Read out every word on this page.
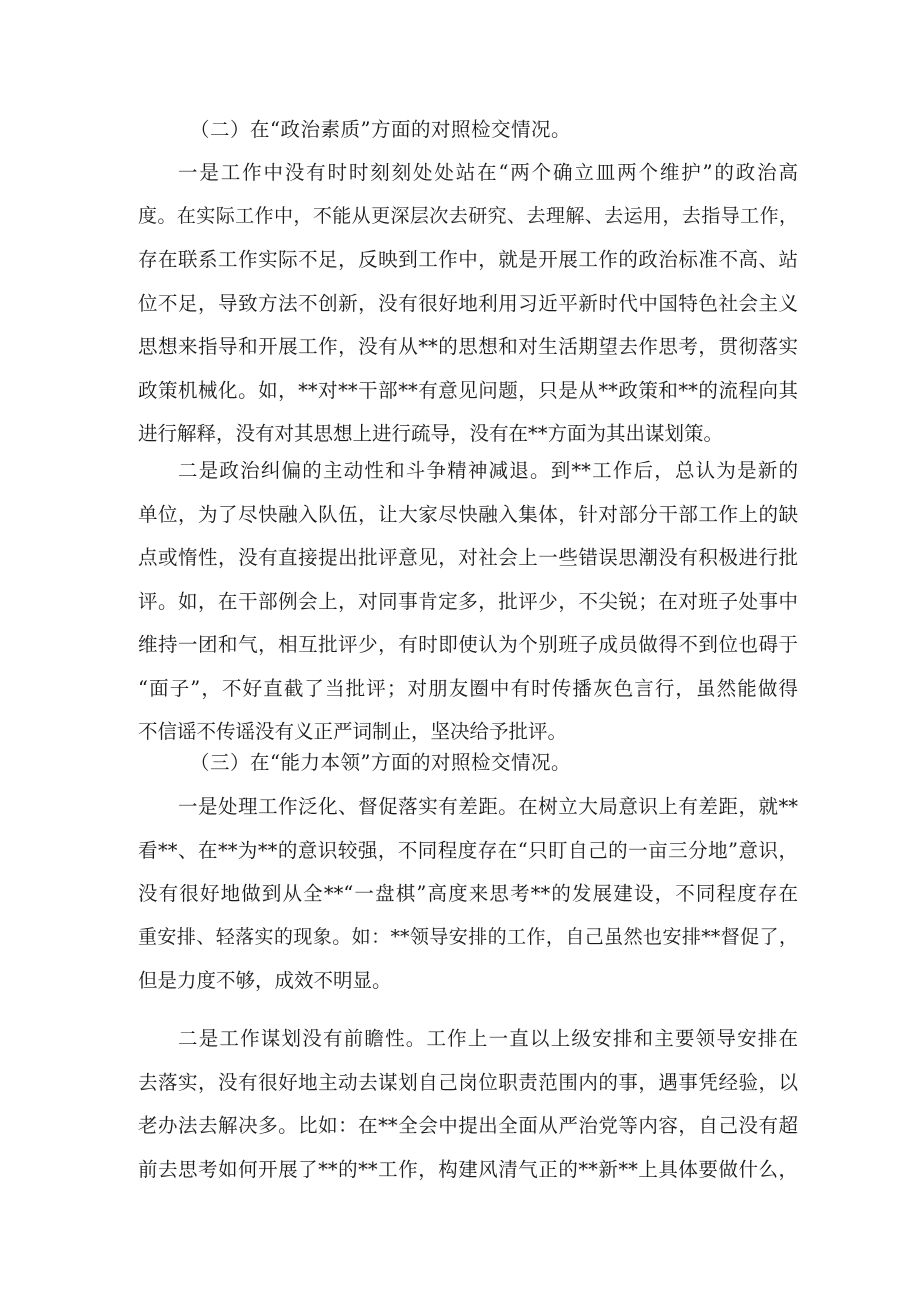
（二）在“政治素质”方面的对照检交情况。
一是工作中没有时时刻刻处处站在“两个确立皿两个维护”的政治高
度。在实际工作中，不能从更深层次去研究、去理解、去运用，去指导工作，
存在联系工作实际不足，反映到工作中，就是开展工作的政治标准不高、站
位不足，导致方法不创新，没有很好地利用习近平新时代中国特色社会主义
思想来指导和开展工作，没有从**的思想和对生活期望去作思考，贯彻落实
政策机械化。如，**对**干部**有意见问题，只是从**政策和**的流程向其
进行解释，没有对其思想上进行疏导，没有在**方面为其出谋划策。
二是政治纠偏的主动性和斗争精神减退。到**工作后，总认为是新的
单位，为了尽快融入队伍，让大家尽快融入集体，针对部分干部工作上的缺
点或惰性，没有直接提出批评意见，对社会上一些错误思潮没有积极进行批
评。如，在干部例会上，对同事肯定多，批评少，不尖锐；在对班子处事中
维持一团和气，相互批评少，有时即使认为个别班子成员做得不到位也碍于
“面子”，不好直截了当批评；对朋友圈中有时传播灰色言行，虽然能做得
不信谣不传谣没有义正严词制止，坚决给予批评。
（三）在“能力本领”方面的对照检交情况。
一是处理工作泛化、督促落实有差距。在树立大局意识上有差距，就**
看**、在**为**的意识较强，不同程度存在“只盯自己的一亩三分地”意识，
没有很好地做到从全**“一盘棋”高度来思考**的发展建设，不同程度存在
重安排、轻落实的现象。如：**领导安排的工作，自己虽然也安排**督促了，
但是力度不够，成效不明显。
二是工作谋划没有前瞻性。工作上一直以上级安排和主要领导安排在
去落实，没有很好地主动去谋划自己岗位职责范围内的事，遇事凭经验，以
老办法去解决多。比如：在**全会中提出全面从严治党等内容，自己没有超
前去思考如何开展了**的**工作，构建风清气正的**新**上具体要做什么，
